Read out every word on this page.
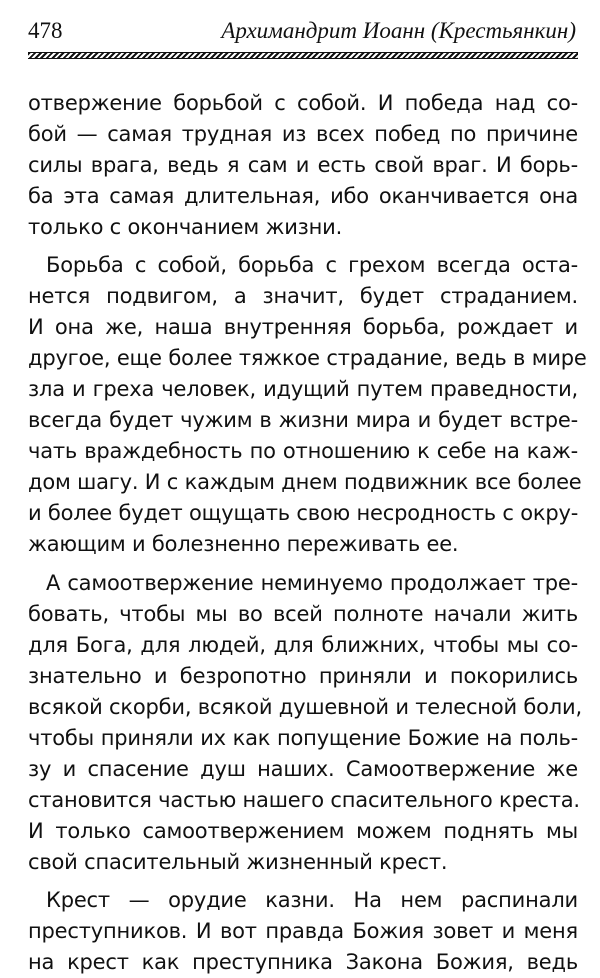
478	Архимандрит Иоанн (Крестьянкин)
отвержение борьбой с собой. И победа над со-
бой — самая трудная из всех побед по причине
силы врага, ведь я сам и есть свой враг. И борь-
ба эта самая длительная, ибо оканчивается она
только с окончанием жизни.
Борьба с собой, борьба с грехом всегда оста-
нется подвигом, а значит, будет страданием.
И она же, наша внутренняя борьба, рождает и
другое, еще более тяжкое страдание, ведь в мире
зла и греха человек, идущий путем праведности,
всегда будет чужим в жизни мира и будет встре-
чать враждебность по отношению к себе на каж-
дом шагу. И с каждым днем подвижник все более
и более будет ощущать свою несродность с окру-
жающим и болезненно переживать ее.
А самоотвержение неминуемо продолжает тре-
бовать, чтобы мы во всей полноте начали жить
для Бога, для людей, для ближних, чтобы мы со-
знательно и безропотно приняли и покорились
всякой скорби, всякой душевной и телесной боли,
чтобы приняли их как попущение Божие на поль-
зу и спасение душ наших. Самоотвержение же
становится частью нашего спасительного креста.
И только самоотвержением можем поднять мы
свой спасительный жизненный крест.
Крест — орудие казни. На нем распинали
преступников. И вот правда Божия зовет и меня
на крест как преступника Закона Божия, ведь
